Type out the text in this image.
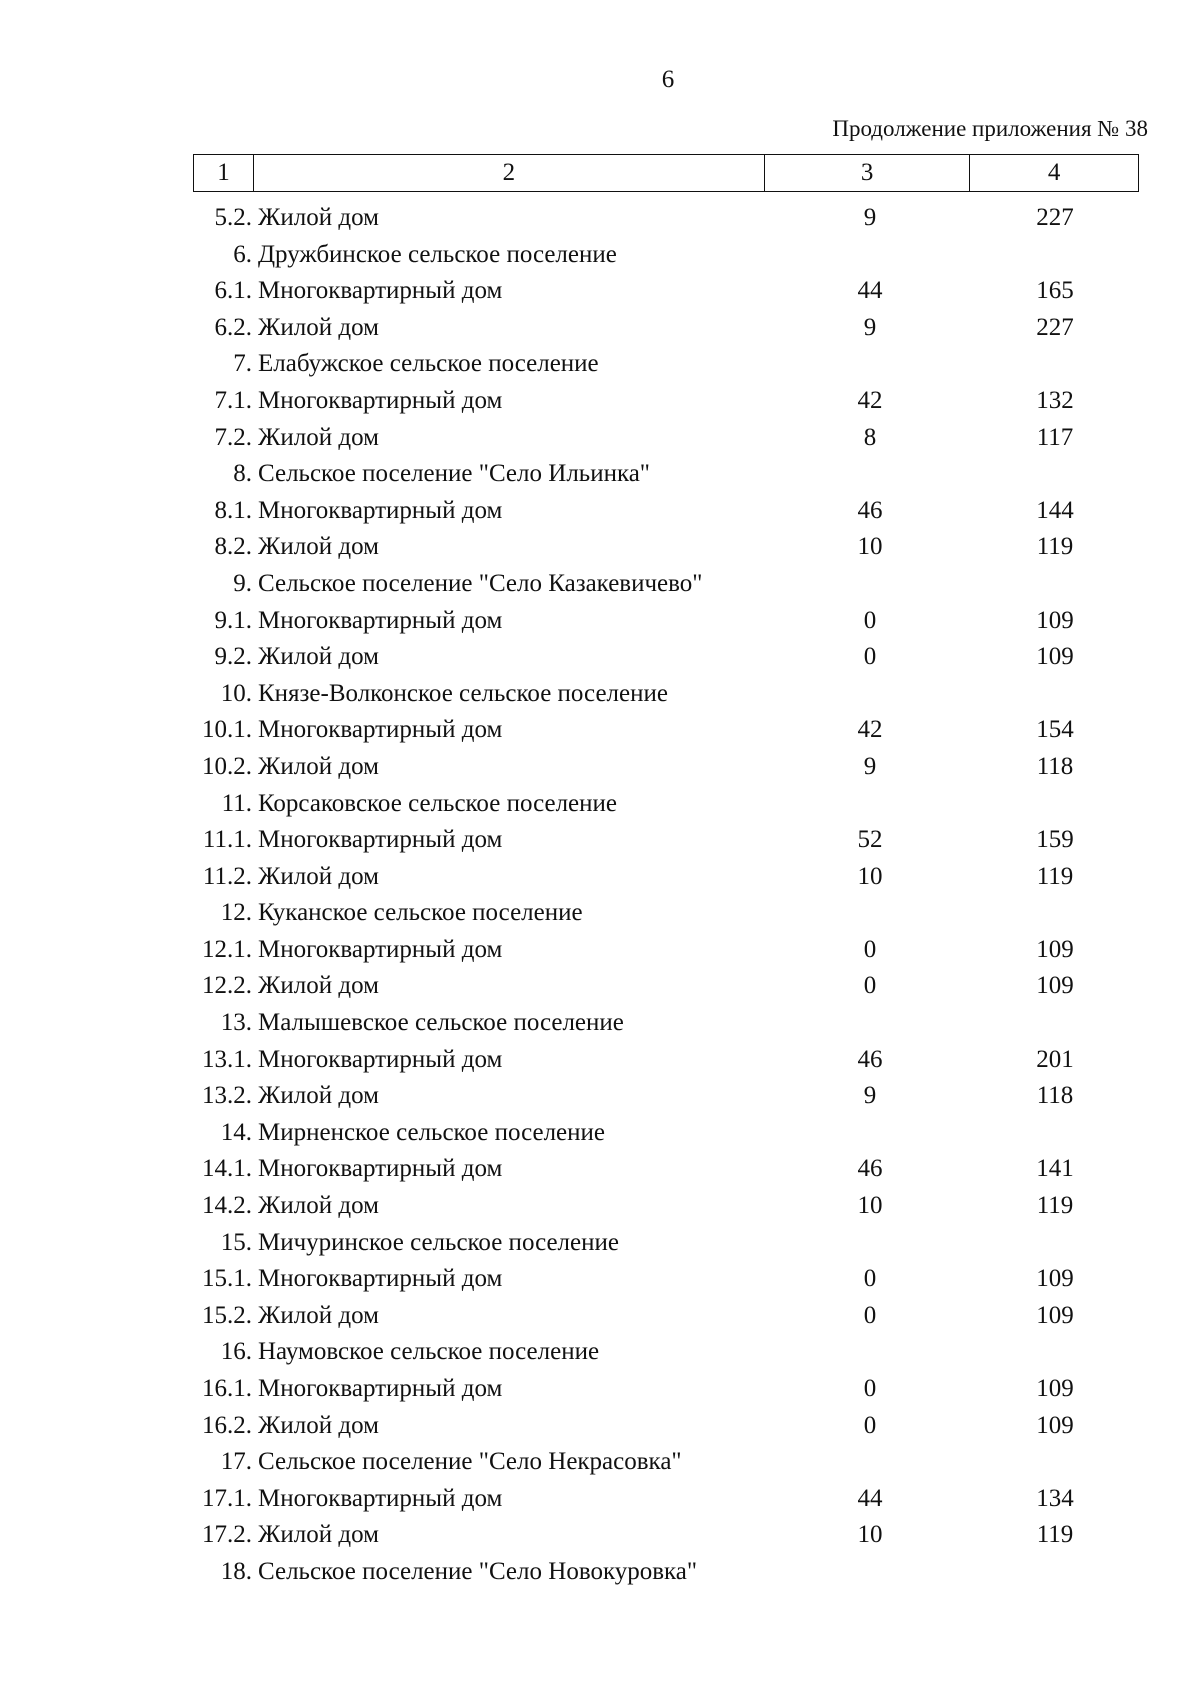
6
Продолжение приложения № 38
1	2	3	4
5.2. Жилой дом	9	227
6. Дружбинское сельское поселение
6.1. Многоквартирный дом	44	165
6.2. Жилой дом	9	227
7. Елабужское сельское поселение
7.1. Многоквартирный дом	42	132
7.2. Жилой дом	8	117
8. Сельское поселение "Село Ильинка"
8.1. Многоквартирный дом	46	144
8.2. Жилой дом	10	119
9. Сельское поселение "Село Казакевичево"
9.1. Многоквартирный дом	0	109
9.2. Жилой дом	0	109
10. Князе-Волконское сельское поселение
10.1. Многоквартирный дом	42	154
10.2. Жилой дом	9	118
11. Корсаковское сельское поселение
11.1. Многоквартирный дом	52	159
11.2. Жилой дом	10	119
12. Куканское сельское поселение
12.1. Многоквартирный дом	0	109
12.2. Жилой дом	0	109
13. Малышевское сельское поселение
13.1. Многоквартирный дом	46	201
13.2. Жилой дом	9	118
14. Мирненское сельское поселение
14.1. Многоквартирный дом	46	141
14.2. Жилой дом	10	119
15. Мичуринское сельское поселение
15.1. Многоквартирный дом	0	109
15.2. Жилой дом	0	109
16. Наумовское сельское поселение
16.1. Многоквартирный дом	0	109
16.2. Жилой дом	0	109
17. Сельское поселение "Село Некрасовка"
17.1. Многоквартирный дом	44	134
17.2. Жилой дом	10	119
18. Сельское поселение "Село Новокуровка"
